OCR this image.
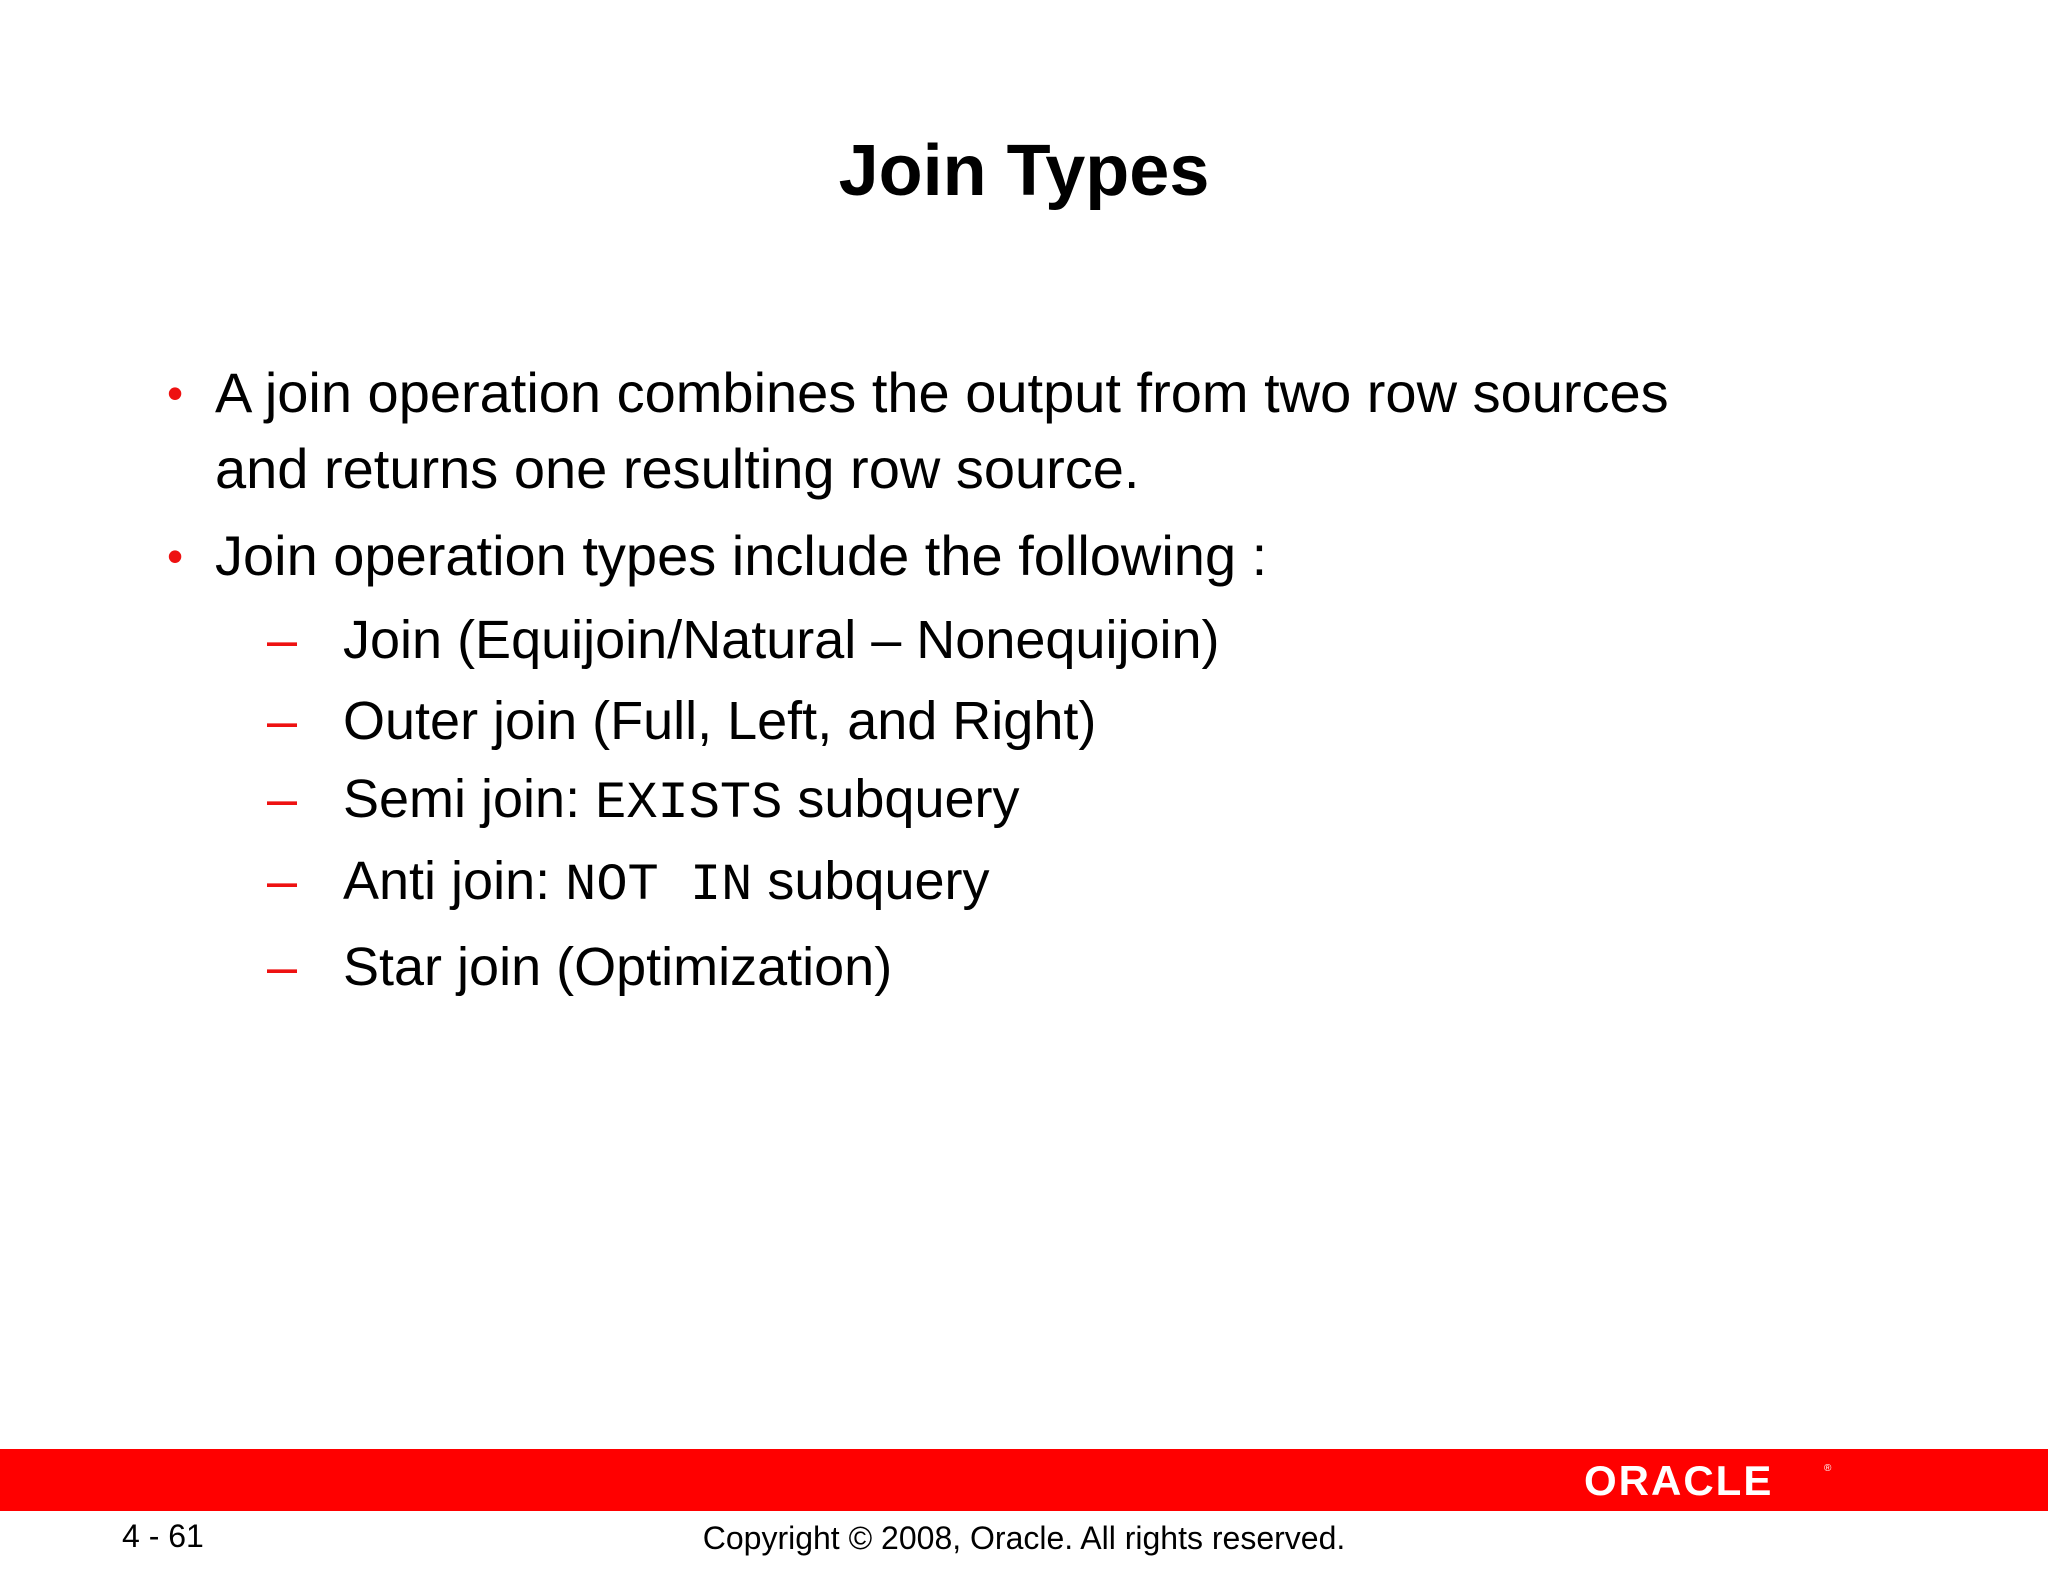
Join Types
• A join operation combines the output from two row sources
and returns one resulting row source.
• Join operation types include the following :
– Join (Equijoin/Natural – Nonequijoin)
– Outer join (Full, Left, and Right)
– Semi join: EXISTS subquery
– Anti join: NOT IN subquery
– Star join (Optimization)
ORACLE	®
4 - 61	Copyright © 2008, Oracle. All rights reserved.
